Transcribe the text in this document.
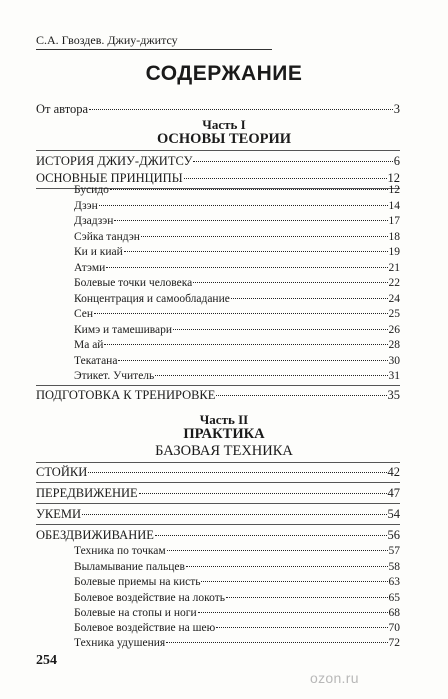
С.А. Гвоздев. Джиу-джитсу
СОДЕРЖАНИЕ
От автора	3
Часть I
ОСНОВЫ ТЕОРИИ
ИСТОРИЯ ДЖИУ-ДЖИТСУ	6
ОСНОВНЫЕ ПРИНЦИПЫ	12
Бусидо	12
Дзэн	14
Дзадзэн	17
Сэйка тандэн	18
Ки и киай	19
Атэми	21
Болевые точки человека	22
Концентрация и самообладание	24
Сен	25
Кимэ и тамешивари	26
Ма ай	28
Текатана	30
Этикет. Учитель	31
ПОДГОТОВКА К ТРЕНИРОВКЕ	35
Часть II
ПРАКТИКА
БАЗОВАЯ ТЕХНИКА
СТОЙКИ	42
ПЕРЕДВИЖЕНИЕ	47
УКЕМИ	54
ОБЕЗДВИЖИВАНИЕ	56
Техника по точкам	57
Выламывание пальцев	58
Болевые приемы на кисть	63
Болевое воздействие на локоть	65
Болевые на стопы и ноги	68
Болевое воздействие на шею	70
Техника удушения	72
254
ozon.ru
